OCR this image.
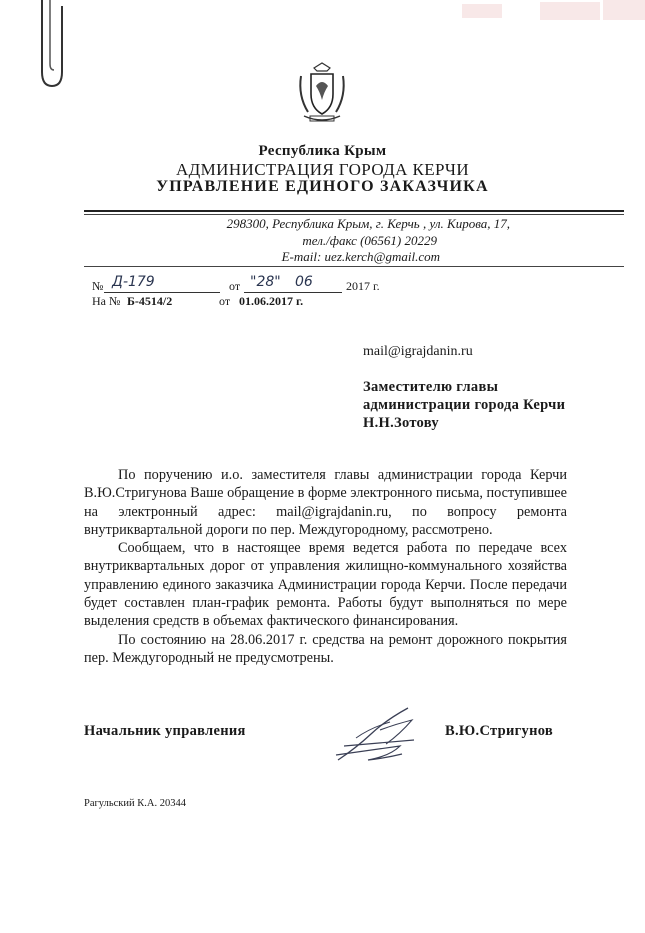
Республика Крым
АДМИНИСТРАЦИЯ ГОРОДА КЕРЧИ
УПРАВЛЕНИЕ ЕДИНОГО ЗАКАЗЧИКА
298300, Республика Крым, г. Керчь , ул. Кирова, 17,
тел./факс (06561) 20229
E-mail: uez.kerch@gmail.com
№ Д-179	от "28" 06	2017 г.
На № Б-4514/2	от 01.06.2017 г.
mail@igrajdanin.ru
Заместителю главы
администрации города Керчи
Н.Н.Зотову

По поручению и.о. заместителя главы администрации города Керчи В.Ю.Стригунова Ваше обращение в форме электронного письма, поступившее на электронный адрес: mail@igrajdanin.ru, по вопросу ремонта внутриквартальной дороги по пер. Междугородному, рассмотрено.

Сообщаем, что в настоящее время ведется работа по передаче всех внутриквартальных дорог от управления жилищно-коммунального хозяйства управлению единого заказчика Администрации города Керчи. После передачи будет составлен план-график ремонта. Работы будут выполняться по мере выделения средств в объемах фактического финансирования.

По состоянию на 28.06.2017 г. средства на ремонт дорожного покрытия пер. Междугородный не предусмотрены.

Начальник управления	В.Ю.Стригунов
Рагульский К.А. 20344
